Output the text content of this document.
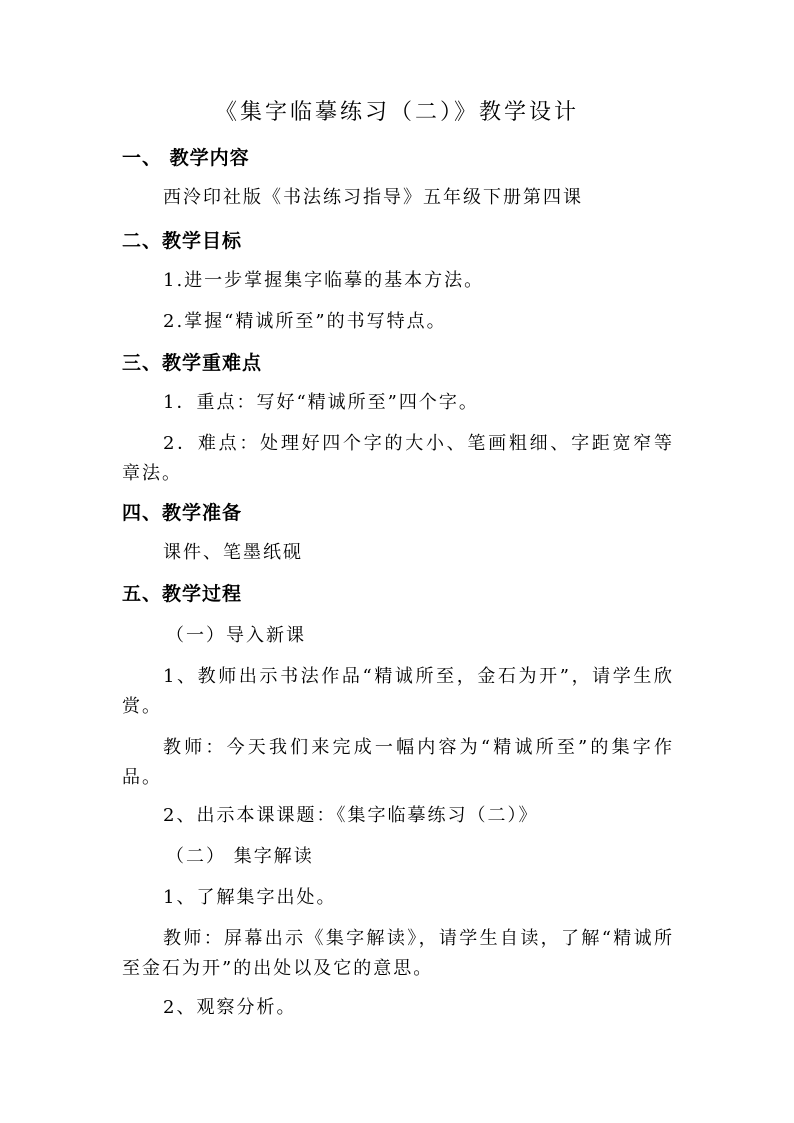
《集字临摹练习（二）》教学设计
一、 教学内容
西泠印社版《书法练习指导》五年级下册第四课
二、教学目标
1.进一步掌握集字临摹的基本方法。
2.掌握“精诚所至”的书写特点。
三、教学重难点
1．重点：写好“精诚所至”四个字。
2．难点：处理好四个字的大小、笔画粗细、字距宽窄等章法。
四、教学准备
课件、笔墨纸砚
五、教学过程
（一）导入新课
1、教师出示书法作品“精诚所至，金石为开”，请学生欣赏。
教师：今天我们来完成一幅内容为“精诚所至”的集字作品。
2、出示本课课题：《集字临摹练习（二）》
（二） 集字解读
1、了解集字出处。
教师：屏幕出示《集字解读》，请学生自读，了解“精诚所至金石为开”的出处以及它的意思。
2、观察分析。
